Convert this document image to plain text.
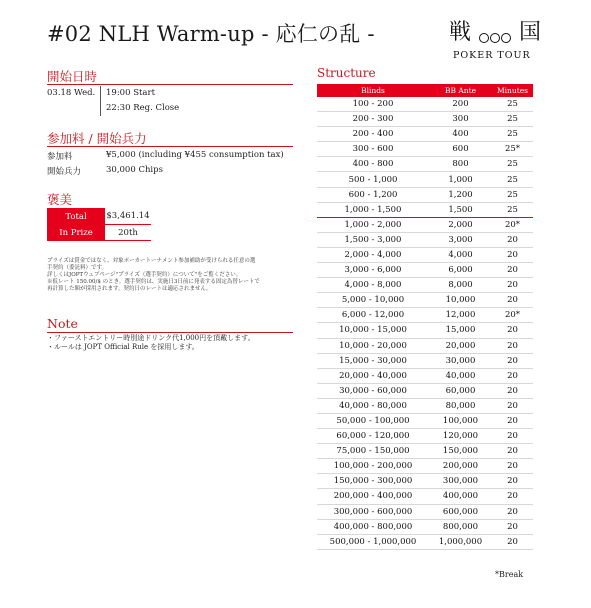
#02 NLH Warm-up - 応仁の乱 -	戦 国
POKER TOUR
開始日時
03.18 Wed. 19:00 Start
22:30 Reg. Close
参加料 / 開始兵力
参加料	¥5,000 (including ¥455 consumption tax)
開始兵力	30,000 Chips
褒美
Total	$3,461.14
In Prize	20th
プライズは賞金ではなく、対象ポーカートーナメント参加補助が受けられる任意の選
手契約（委託料）です。
詳しくはJOPTウェブページ"プライズ（選手契約）について"をご覧ください。
※仮レート 150.00/$ のとき。選手契約は、実施日3日前に発表する固定為替レートで
再計算した額が採用されます。契約日のレートは適応されません。
Note
・ファーストエントリー時別途ドリンク代1,000円を頂戴します。
・ルールは JOPT Official Rule を採用します。
Structure
Blinds	BB Ante	Minutes
100 - 200	200	25
200 - 300	300	25
200 - 400	400	25
300 - 600	600	25*
400 - 800	800	25
500 - 1,000	1,000	25
600 - 1,200	1,200	25
1,000 - 1,500	1,500	25
1,000 - 2,000	2,000	20*
1,500 - 3,000	3,000	20
2,000 - 4,000	4,000	20
3,000 - 6,000	6,000	20
4,000 - 8,000	8,000	20
5,000 - 10,000	10,000	20
6,000 - 12,000	12,000	20*
10,000 - 15,000	15,000	20
10,000 - 20,000	20,000	20
15,000 - 30,000	30,000	20
20,000 - 40,000	40,000	20
30,000 - 60,000	60,000	20
40,000 - 80,000	80,000	20
50,000 - 100,000	100,000	20
60,000 - 120,000	120,000	20
75,000 - 150,000	150,000	20
100,000 - 200,000	200,000	20
150,000 - 300,000	300,000	20
200,000 - 400,000	400,000	20
300,000 - 600,000	600,000	20
400,000 - 800,000	800,000	20
500,000 - 1,000,000	1,000,000	20
*Break
